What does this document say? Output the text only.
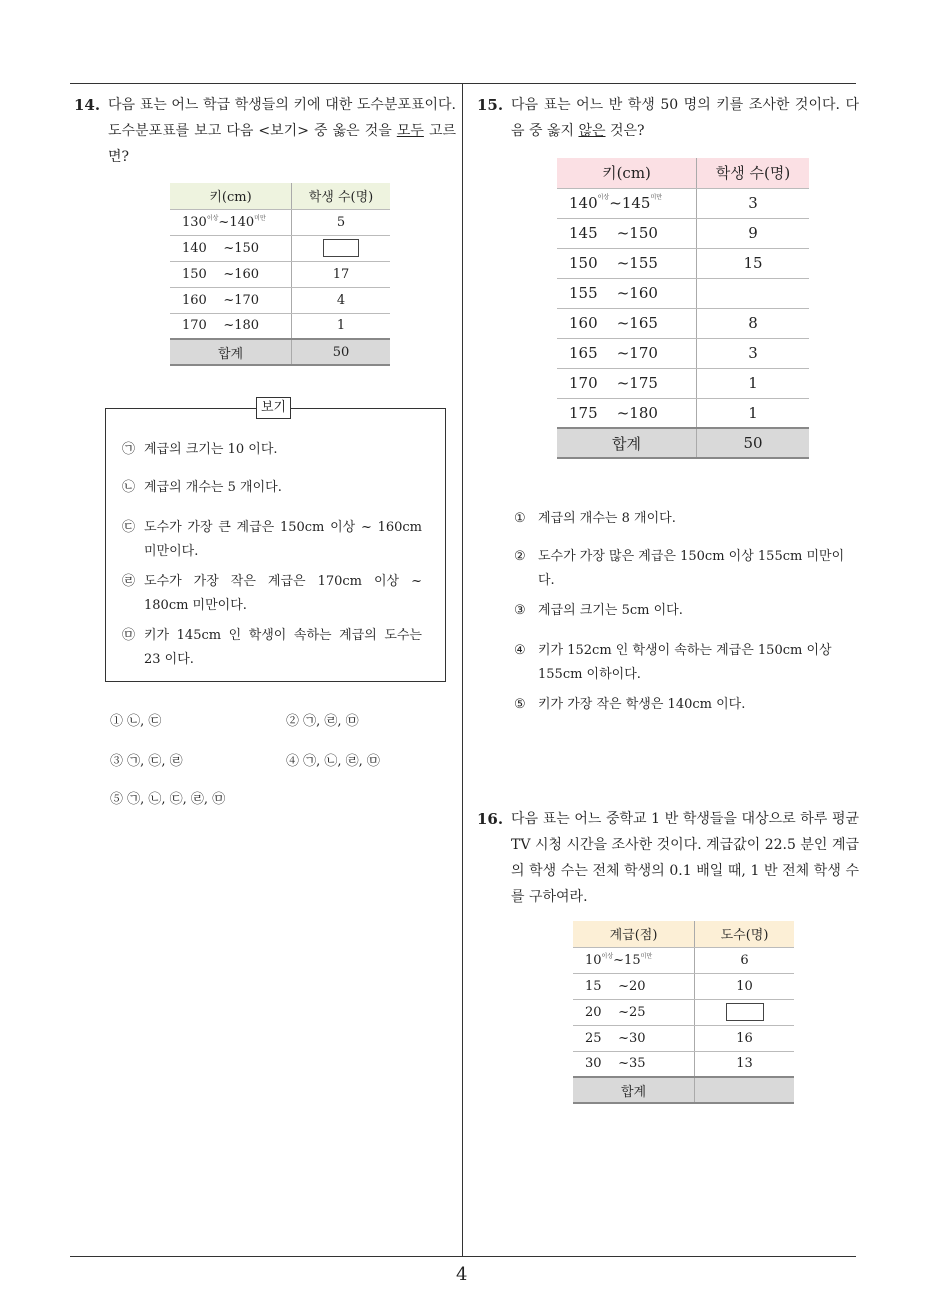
14. 다음 표는 어느 학급 학생들의 키에 대한 도수분포표이다. 도수분포표를 보고 다음 <보기> 중 옳은 것을 모두 고르면?
키(cm)	학생 수(명)
$130^{이상}\sim 140^{미만}$	5
140 ~150	
150 ~160	17
160 ~170	4
170 ~180	1
합계	50
보기
㉠ 계급의 크기는 10 이다.
㉡ 계급의 개수는 5 개이다.
㉢ 도수가 가장 큰 계급은 150cm 이상 ~ 160cm 미만이다.
㉣ 도수가 가장 작은 계급은 170cm 이상 ~ 180cm 미만이다.
㉤ 키가 145cm 인 학생이 속하는 계급의 도수는 23 이다.
① ㉡, ㉢	② ㉠, ㉣, ㉤
③ ㉠, ㉢, ㉣	④ ㉠, ㉡, ㉣, ㉤
⑤ ㉠, ㉡, ㉢, ㉣, ㉤
15. 다음 표는 어느 반 학생 50 명의 키를 조사한 것이다. 다음 중 옳지 않은 것은?
키(cm)	학생 수(명)
$140^{이상}\sim 145^{미만}$	3
145 ~150	9
150 ~155	15
155 ~160	
160 ~165	8
165 ~170	3
170 ~175	1
175 ~180	1
합계	50
① 계급의 개수는 8 개이다.
② 도수가 가장 많은 계급은 150cm 이상 155cm 미만이다.
③ 계급의 크기는 5cm 이다.
④ 키가 152cm 인 학생이 속하는 계급은 150cm 이상 155cm 이하이다.
⑤ 키가 가장 작은 학생은 140cm 이다.
16. 다음 표는 어느 중학교 1 반 학생들을 대상으로 하루 평균 TV 시청 시간을 조사한 것이다. 계급값이 22.5 분인 계급의 학생 수는 전체 학생의 0.1 배일 때, 1 반 전체 학생 수를 구하여라.
계급(점)	도수(명)
$10^{이상}\sim 15^{미만}$	6
15 ~20	10
20 ~25	
25 ~30	16
30 ~35	13
합계	
4
